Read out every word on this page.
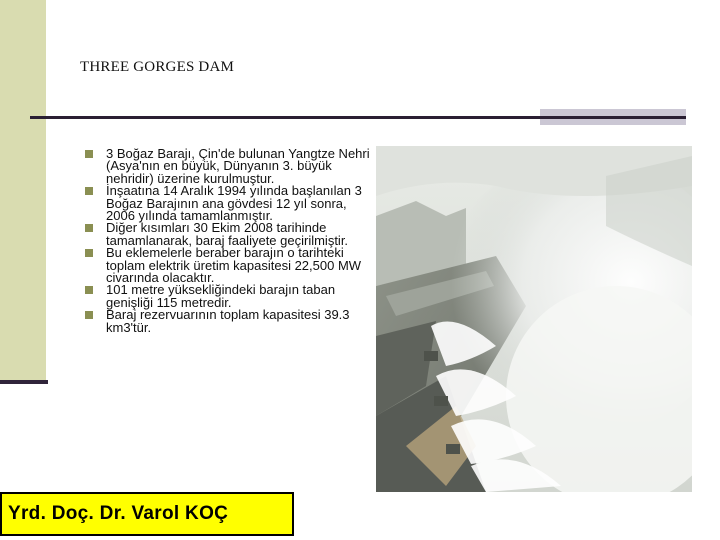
THREE GORGES DAM
3 Boğaz Barajı, Çin'de bulunan Yangtze Nehri (Asya'nın en büyük, Dünyanın 3. büyük nehridir) üzerine kurulmuştur.
İnşaatına 14 Aralık 1994 yılında başlanılan 3 Boğaz Barajının ana gövdesi 12 yıl sonra, 2006 yılında tamamlanmıştır.
Diğer kısımları 30 Ekim 2008 tarihinde tamamlanarak, baraj faaliyete geçirilmiştir.
Bu eklemelerle beraber barajın o tarihteki toplam elektrik üretim kapasitesi 22,500 MW civarında olacaktır.
101 metre yüksekliğindeki barajın taban genişliği 115 metredir.
Baraj rezervuarının toplam kapasitesi 39.3 km3'tür.
Yrd. Doç. Dr. Varol KOÇ
